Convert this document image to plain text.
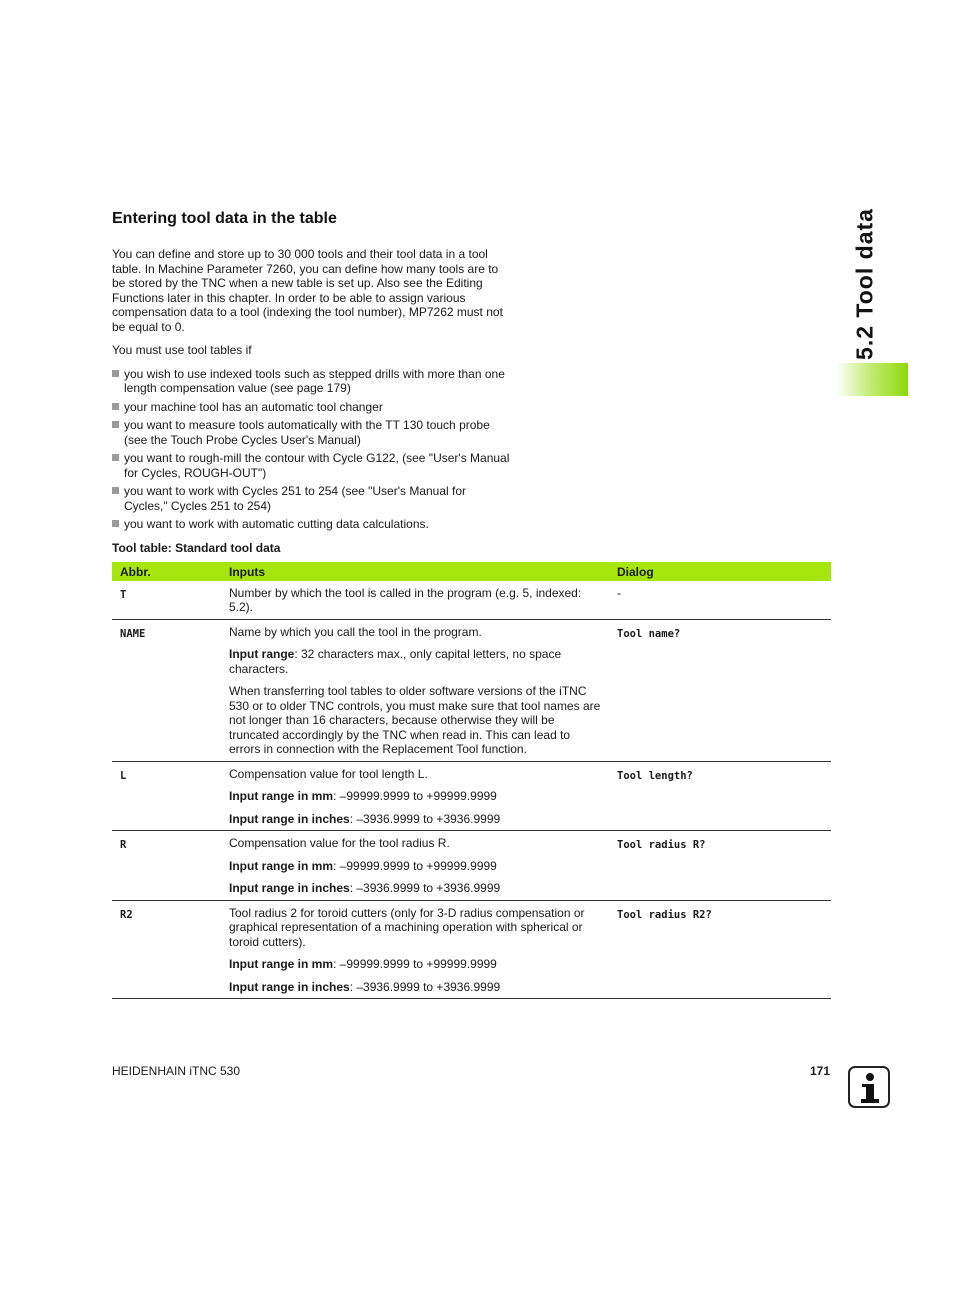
5.2 Tool data
Entering tool data in the table

You can define and store up to 30 000 tools and their tool data in a tool table. In Machine Parameter 7260, you can define how many tools are to be stored by the TNC when a new table is set up. Also see the Editing Functions later in this chapter. In order to be able to assign various compensation data to a tool (indexing the tool number), MP7262 must not be equal to 0.

You must use tool tables if

you wish to use indexed tools such as stepped drills with more than one length compensation value (see page 179)
your machine tool has an automatic tool changer
you want to measure tools automatically with the TT 130 touch probe (see the Touch Probe Cycles User's Manual)
you want to rough-mill the contour with Cycle G122, (see "User's Manual for Cycles, ROUGH-OUT")
you want to work with Cycles 251 to 254 (see "User's Manual for Cycles," Cycles 251 to 254)
you want to work with automatic cutting data calculations.
Tool table: Standard tool data
Abbr.	Inputs	Dialog
T	Number by which the tool is called in the program (e.g. 5, indexed: 5.2).	-
NAME	Name by which you call the tool in the program.

Input range: 32 characters max., only capital letters, no space characters.

When transferring tool tables to older software versions of the iTNC 530 or to older TNC controls, you must make sure that tool names are not longer than 16 characters, because otherwise they will be truncated accordingly by the TNC when read in. This can lead to errors in connection with the Replacement Tool function.	Tool name?
L	Compensation value for tool length L.

Input range in mm: –99999.9999 to +99999.9999

Input range in inches: –3936.9999 to +3936.9999	Tool length?
R	Compensation value for the tool radius R.

Input range in mm: –99999.9999 to +99999.9999

Input range in inches: –3936.9999 to +3936.9999	Tool radius R?
R2	Tool radius 2 for toroid cutters (only for 3-D radius compensation or graphical representation of a machining operation with spherical or toroid cutters).

Input range in mm: –99999.9999 to +99999.9999

Input range in inches: –3936.9999 to +3936.9999	Tool radius R2?
HEIDENHAIN iTNC 530	171
